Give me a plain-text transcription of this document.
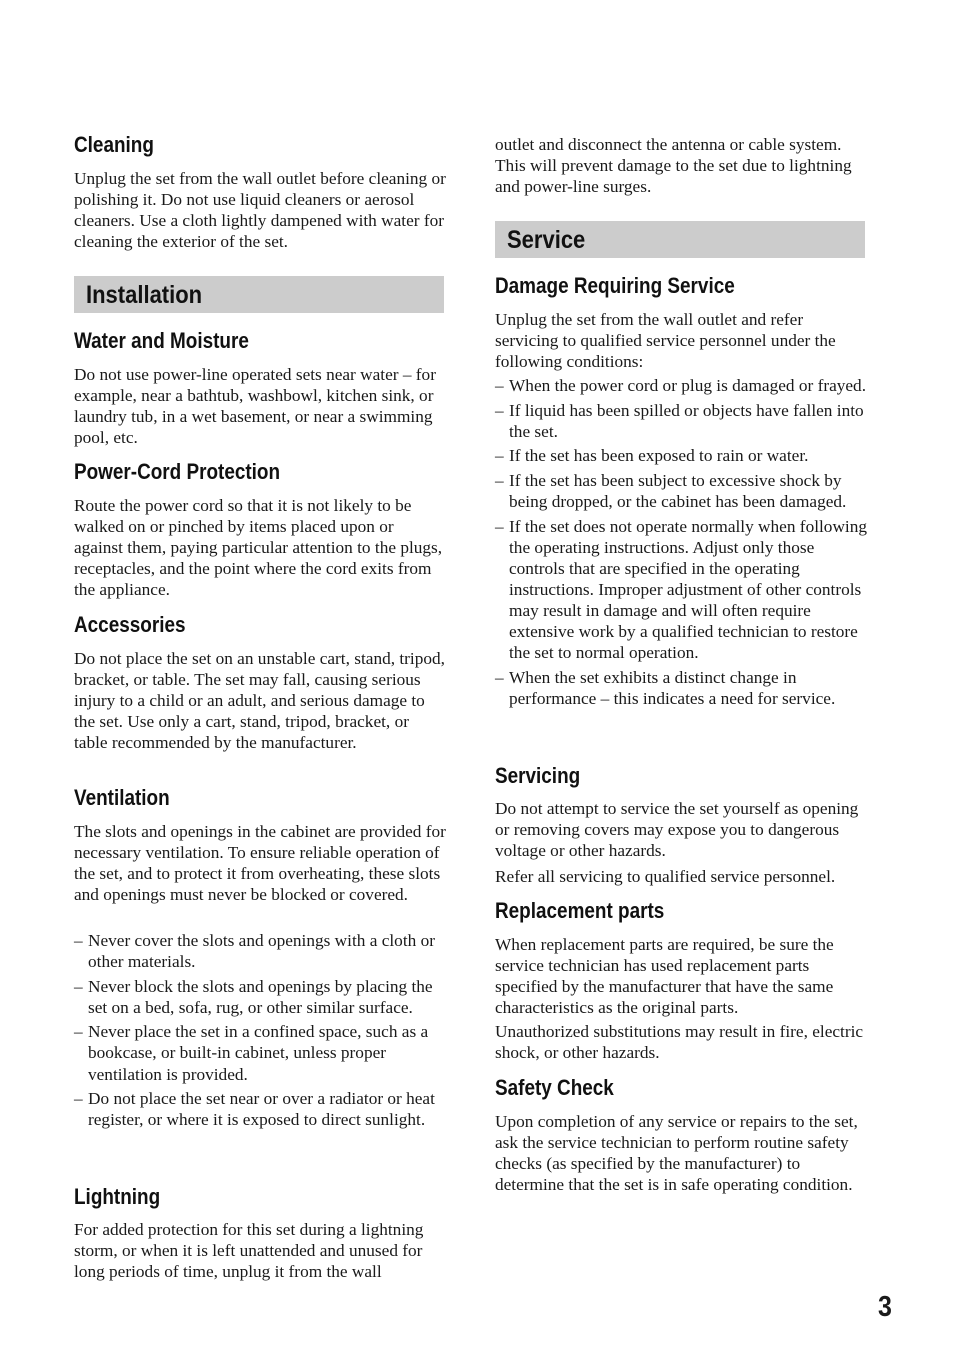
Cleaning

Unplug the set from the wall outlet before cleaning or polishing it. Do not use liquid cleaners or aerosol cleaners. Use a cloth lightly dampened with water for cleaning the exterior of the set.

Installation
Water and Moisture

Do not use power-line operated sets near water – for example, near a bathtub, washbowl, kitchen sink, or laundry tub, in a wet basement, or near a swimming pool, etc.

Power-Cord Protection

Route the power cord so that it is not likely to be walked on or pinched by items placed upon or against them, paying particular attention to the plugs, receptacles, and the point where the cord exits from the appliance.

Accessories

Do not place the set on an unstable cart, stand, tripod, bracket, or table. The set may fall, causing serious injury to a child or an adult, and serious damage to the set. Use only a cart, stand, tripod, bracket, or table recommended by the manufacturer.

Ventilation

The slots and openings in the cabinet are provided for necessary ventilation. To ensure reliable operation of the set, and to protect it from overheating, these slots and openings must never be blocked or covered.

– Never cover the slots and openings with a cloth or other materials.
– Never block the slots and openings by placing the set on a bed, sofa, rug, or other similar surface.
– Never place the set in a confined space, such as a bookcase, or built-in cabinet, unless proper ventilation is provided.
– Do not place the set near or over a radiator or heat register, or where it is exposed to direct sunlight.
Lightning

For added protection for this set during a lightning storm, or when it is left unattended and unused for long periods of time, unplug it from the wall

outlet and disconnect the antenna or cable system. This will prevent damage to the set due to lightning and power-line surges.

Service
Damage Requiring Service

Unplug the set from the wall outlet and refer servicing to qualified service personnel under the following conditions:

– When the power cord or plug is damaged or frayed.
– If liquid has been spilled or objects have fallen into the set.
– If the set has been exposed to rain or water.
– If the set has been subject to excessive shock by being dropped, or the cabinet has been damaged.
– If the set does not operate normally when following the operating instructions. Adjust only those controls that are specified in the operating instructions. Improper adjustment of other controls may result in damage and will often require extensive work by a qualified technician to restore the set to normal operation.
– When the set exhibits a distinct change in performance – this indicates a need for service.
Servicing

Do not attempt to service the set yourself as opening or removing covers may expose you to dangerous voltage or other hazards.

Refer all servicing to qualified service personnel.

Replacement parts

When replacement parts are required, be sure the service technician has used replacement parts specified by the manufacturer that have the same characteristics as the original parts.

Unauthorized substitutions may result in fire, electric shock, or other hazards.

Safety Check

Upon completion of any service or repairs to the set, ask the service technician to perform routine safety checks (as specified by the manufacturer) to determine that the set is in safe operating condition.

3
